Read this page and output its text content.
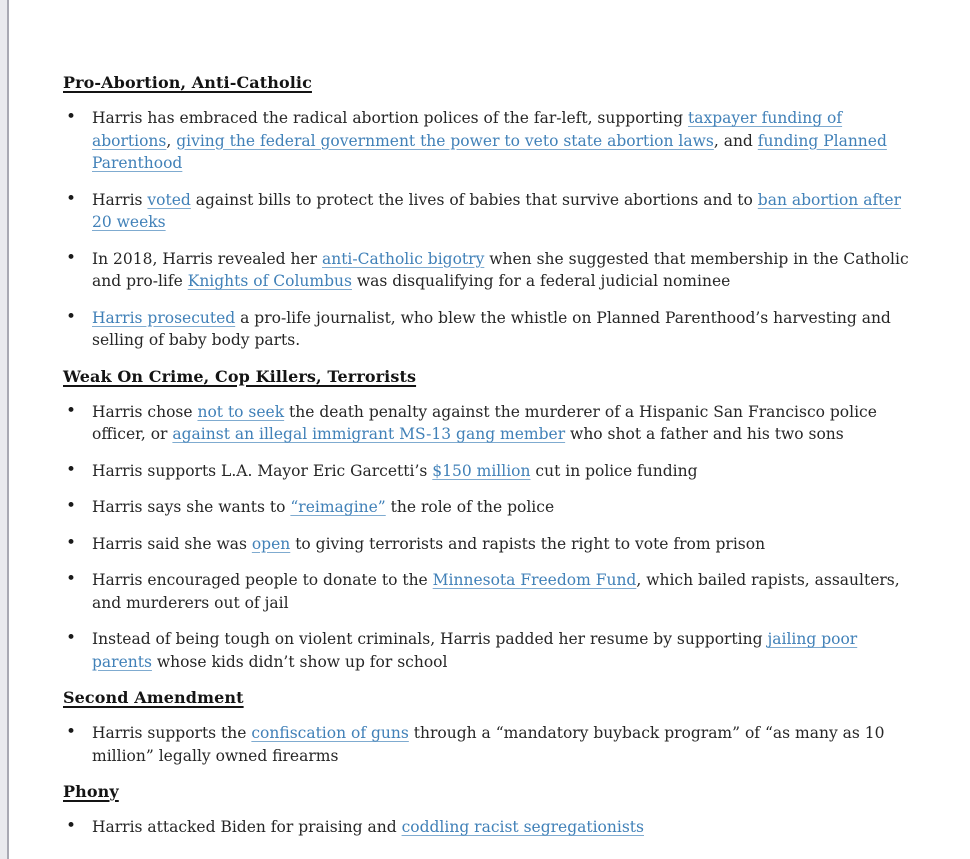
Pro-Abortion, Anti-Catholic
• Harris has embraced the radical abortion polices of the far-left, supporting taxpayer funding of abortions, giving the federal government the power to veto state abortion laws, and funding Planned Parenthood
• Harris voted against bills to protect the lives of babies that survive abortions and to ban abortion after 20 weeks
• In 2018, Harris revealed her anti-Catholic bigotry when she suggested that membership in the Catholic and pro-life Knights of Columbus was disqualifying for a federal judicial nominee
• Harris prosecuted a pro-life journalist, who blew the whistle on Planned Parenthood’s harvesting and selling of baby body parts.
Weak On Crime, Cop Killers, Terrorists
• Harris chose not to seek the death penalty against the murderer of a Hispanic San Francisco police officer, or against an illegal immigrant MS-13 gang member who shot a father and his two sons
• Harris supports L.A. Mayor Eric Garcetti’s $150 million cut in police funding
• Harris says she wants to “reimagine” the role of the police
• Harris said she was open to giving terrorists and rapists the right to vote from prison
• Harris encouraged people to donate to the Minnesota Freedom Fund, which bailed rapists, assaulters, and murderers out of jail
• Instead of being tough on violent criminals, Harris padded her resume by supporting jailing poor parents whose kids didn’t show up for school
Second Amendment
• Harris supports the confiscation of guns through a “mandatory buyback program” of “as many as 10 million” legally owned firearms
Phony
• Harris attacked Biden for praising and coddling racist segregationists
